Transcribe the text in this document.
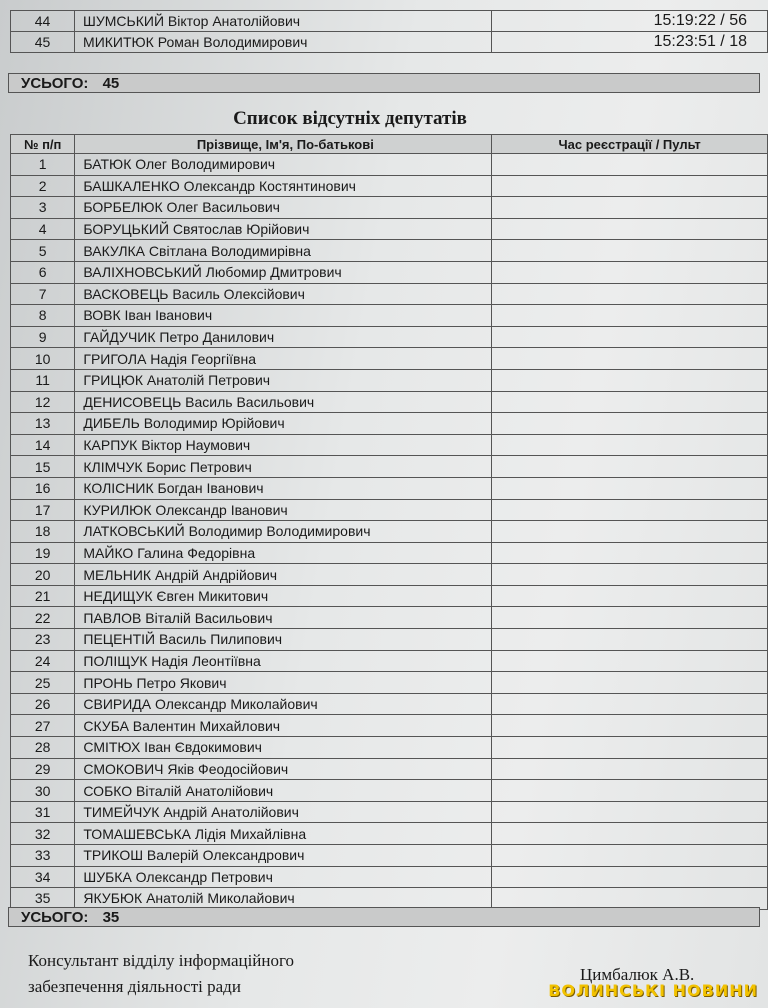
44	ШУМСЬКИЙ Віктор Анатолійович	15:19:22 / 56
45	МИКИТЮК Роман Володимирович	15:23:51 / 18
УСЬОГО: 45
Список відсутніх депутатів
№ п/п	Прізвище, Ім'я, По-батькові	Час реєстрації / Пульт
1	БАТЮК Олег Володимирович	
2	БАШКАЛЕНКО Олександр Костянтинович	
3	БОРБЕЛЮК Олег Васильович	
4	БОРУЦЬКИЙ Святослав Юрійович	
5	ВАКУЛКА Світлана Володимирівна	
6	ВАЛІХНОВСЬКИЙ Любомир Дмитрович	
7	ВАСКОВЕЦЬ Василь Олексійович	
8	ВОВК Іван Іванович	
9	ГАЙДУЧИК Петро Данилович	
10	ГРИГОЛА Надія Георгіївна	
11	ГРИЦЮК Анатолій Петрович	
12	ДЕНИСОВЕЦЬ Василь Васильович	
13	ДИБЕЛЬ Володимир Юрійович	
14	КАРПУК Віктор Наумович	
15	КЛІМЧУК Борис Петрович	
16	КОЛІСНИК Богдан Іванович	
17	КУРИЛЮК Олександр Іванович	
18	ЛАТКОВСЬКИЙ Володимир Володимирович	
19	МАЙКО Галина Федорівна	
20	МЕЛЬНИК Андрій Андрійович	
21	НЕДИЩУК Євген Микитович	
22	ПАВЛОВ Віталій Васильович	
23	ПЕЦЕНТІЙ Василь Пилипович	
24	ПОЛІЩУК Надія Леонтіївна	
25	ПРОНЬ Петро Якович	
26	СВИРИДА Олександр Миколайович	
27	СКУБА Валентин Михайлович	
28	СМІТЮХ Іван Євдокимович	
29	СМОКОВИЧ Яків Феодосійович	
30	СОБКО Віталій Анатолійович	
31	ТИМЕЙЧУК Андрій Анатолійович	
32	ТОМАШЕВСЬКА Лідія Михайлівна	
33	ТРИКОШ Валерій Олександрович	
34	ШУБКА Олександр Петрович	
35	ЯКУБЮК Анатолій Миколайович	
УСЬОГО: 35
Консультант відділу інформаційного
забезпечення діяльності ради
Цимбалюк А.В.
ВОЛИНСЬКІ НОВИНИ
